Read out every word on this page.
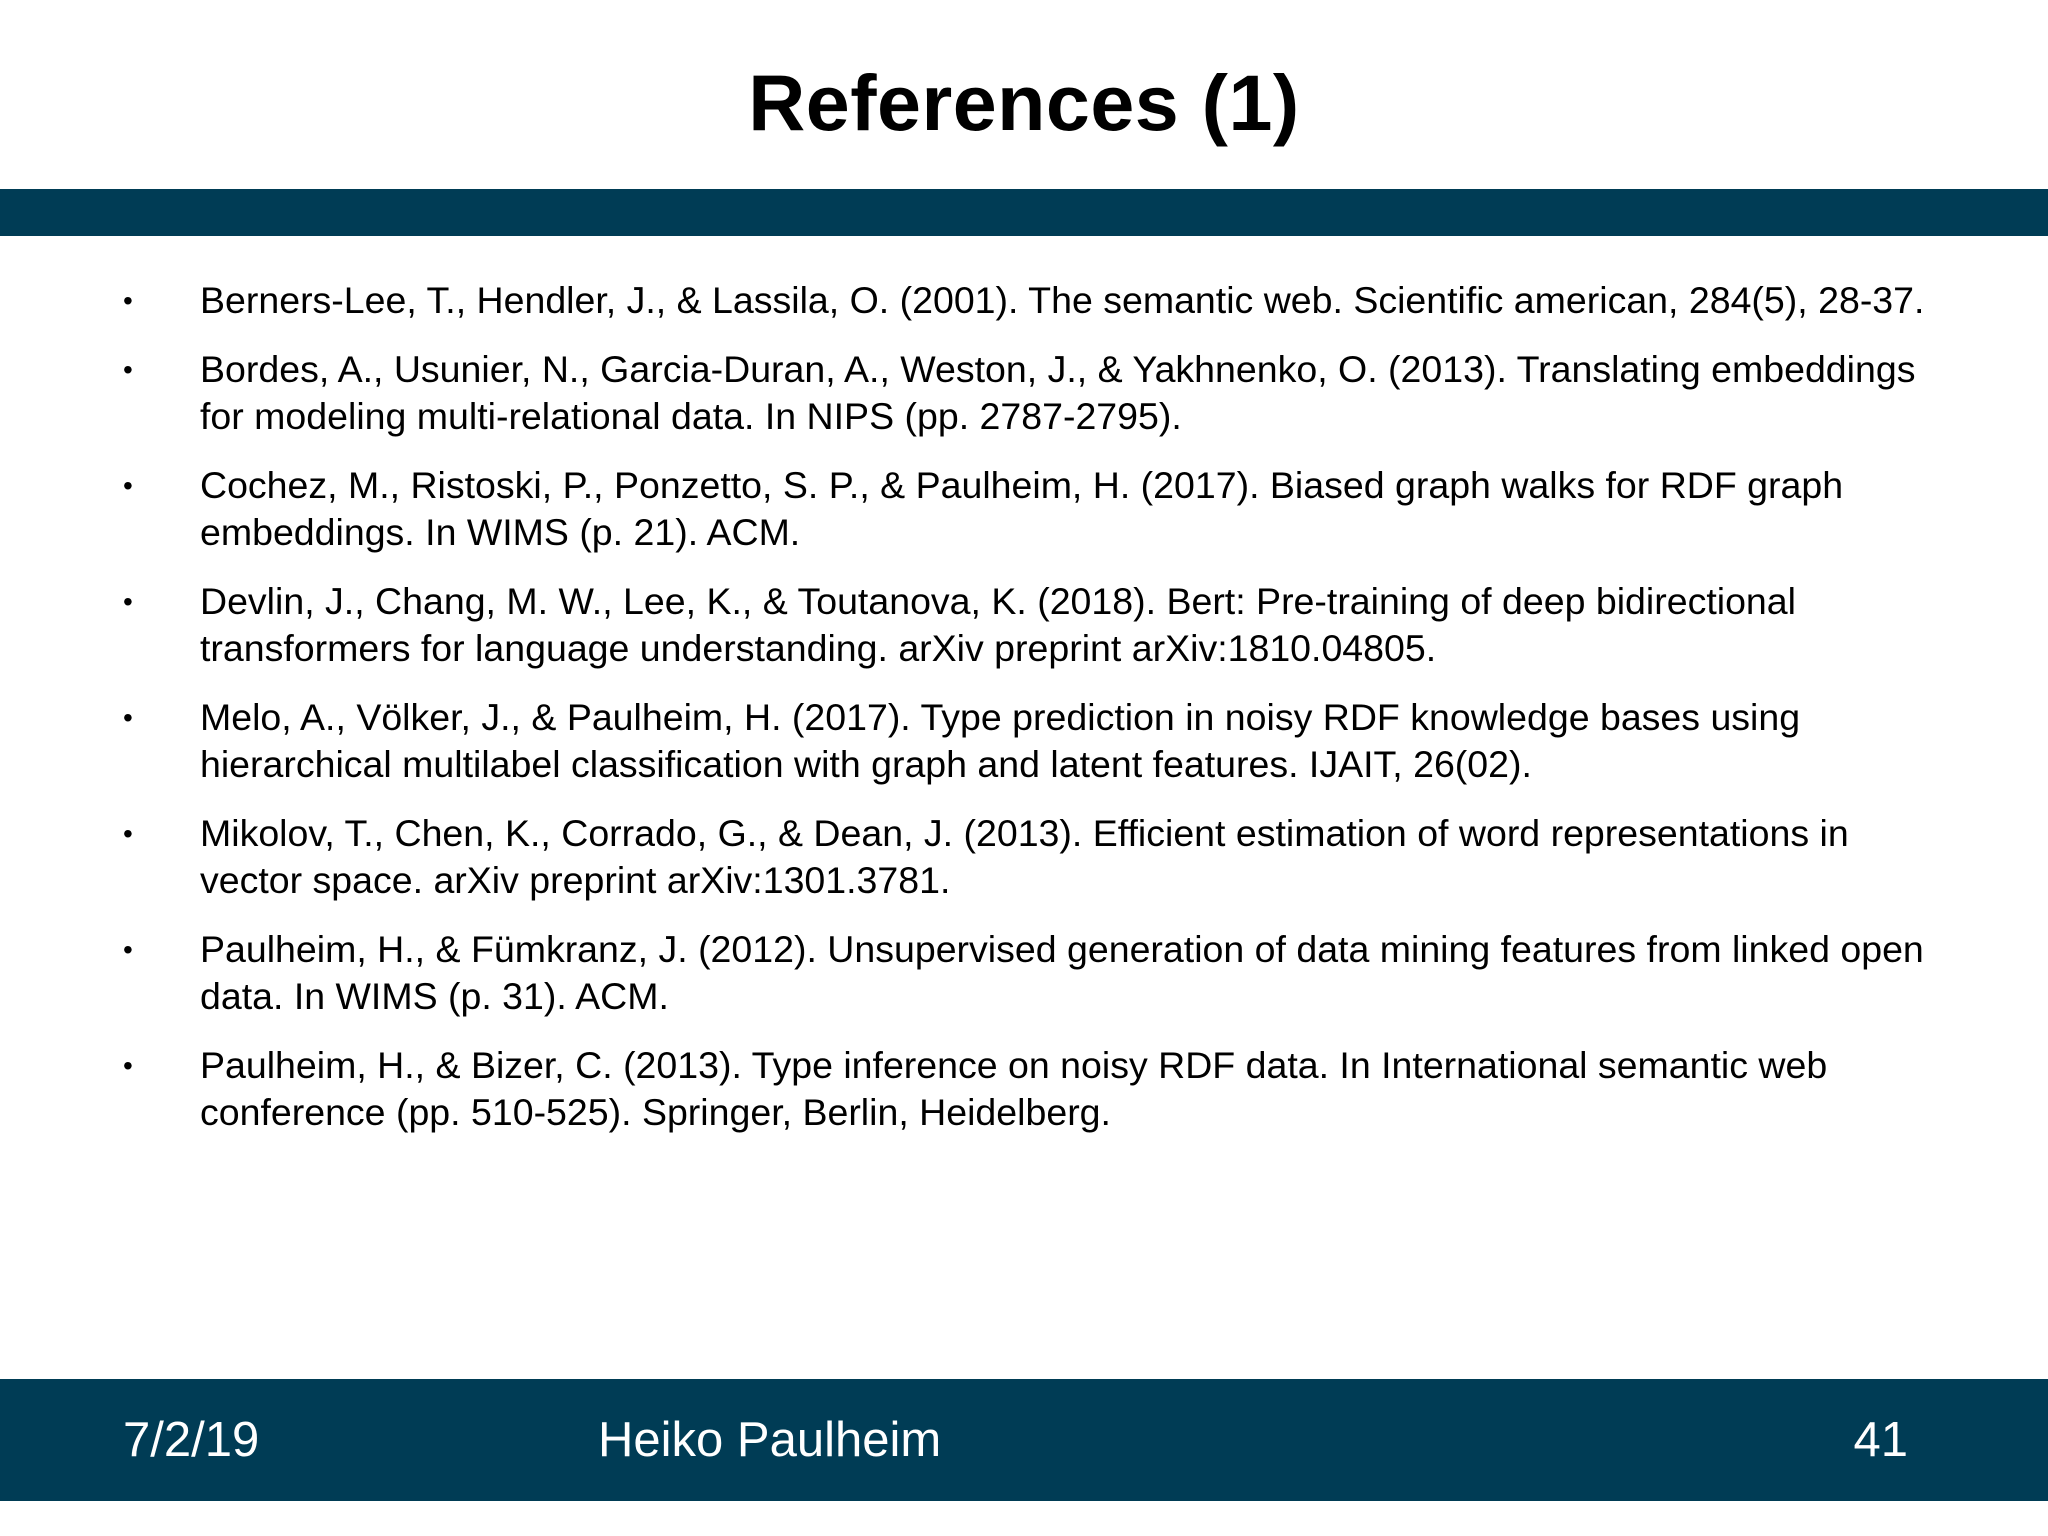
References (1)
• Berners-Lee, T., Hendler, J., & Lassila, O. (2001). The semantic web. Scientific american, 284(5), 28-37.
• Bordes, A., Usunier, N., Garcia-Duran, A., Weston, J., & Yakhnenko, O. (2013). Translating embeddings for modeling multi-relational data. In NIPS (pp. 2787-2795).
• Cochez, M., Ristoski, P., Ponzetto, S. P., & Paulheim, H. (2017). Biased graph walks for RDF graph embeddings. In WIMS (p. 21). ACM.
• Devlin, J., Chang, M. W., Lee, K., & Toutanova, K. (2018). Bert: Pre-training of deep bidirectional transformers for language understanding. arXiv preprint arXiv:1810.04805.
• Melo, A., Völker, J., & Paulheim, H. (2017). Type prediction in noisy RDF knowledge bases using hierarchical multilabel classification with graph and latent features. IJAIT, 26(02).
• Mikolov, T., Chen, K., Corrado, G., & Dean, J. (2013). Efficient estimation of word representations in vector space. arXiv preprint arXiv:1301.3781.
• Paulheim, H., & Fümkranz, J. (2012). Unsupervised generation of data mining features from linked open data. In WIMS (p. 31). ACM.
• Paulheim, H., & Bizer, C. (2013). Type inference on noisy RDF data. In International semantic web conference (pp. 510-525). Springer, Berlin, Heidelberg.
7/2/19	Heiko Paulheim	41
